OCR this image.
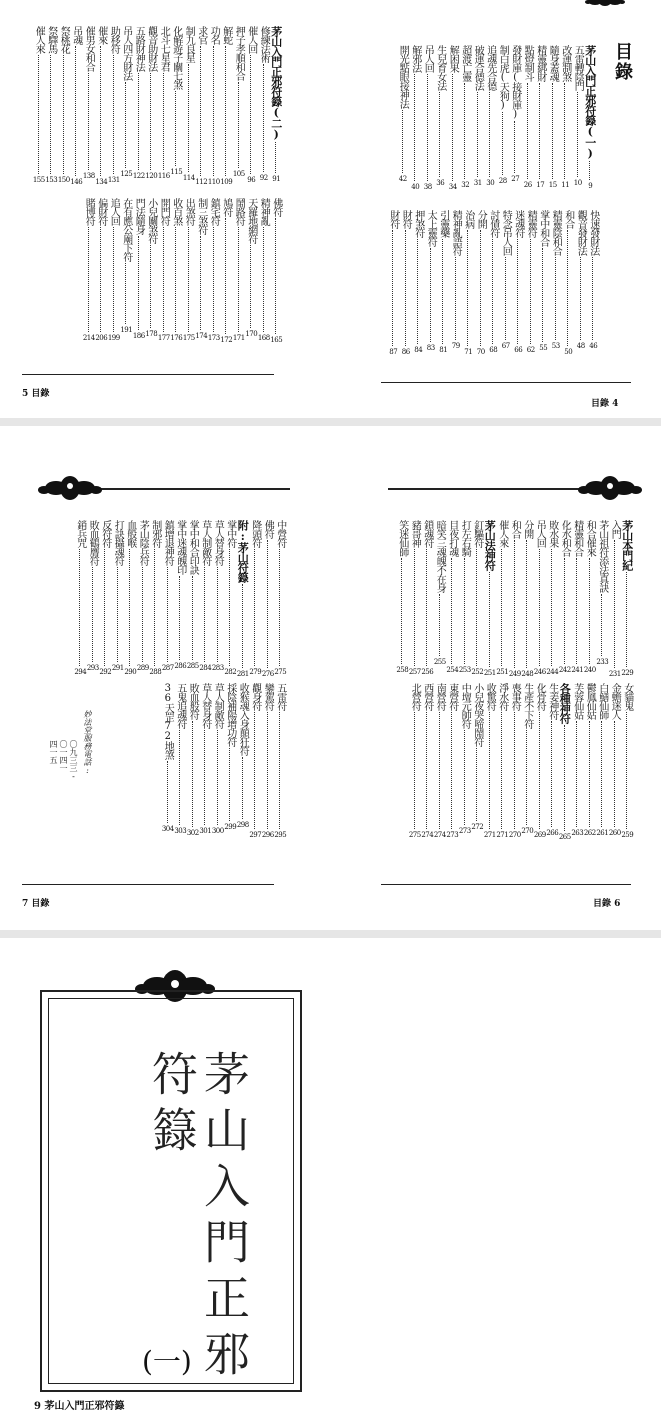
目錄
茅山入門正邪符籙(一)
9
五雷轉陰門
10
改運制煞
11
隨身蓋魂
15
精靈綁財
17
點燈制斗
26
發財庫(接財庫)
27
制白虎(天狗)
28
追魂先合德
30
破運合德法
31
超渡亡靈
32
解困果
34
生兒育女法
36
吊人回
38
解邪法
40
開光點眼接神法
42
快速發財法
46
觀音發財法
48
和合
50
精靈陰和合
53
掌中和合
55
精靈符
62
迷魂符
66
特念吊人回
67
討債符
68
分開
70
治病
71
精神亂語符
79
引靈藥
81
太上靈符
83
押煞符
84
財符
86
財符
87
目錄 4
茅山入門正邪符籙(二)
91
修練法術
92
催人回
96
押子孝順和合
105
解蛇
109
功名
110
求官
112
制九良星
114
化解遊子關七煞
115
北斗七星君
116
觀音助財法
120
五路財神法
122
吊人四方財法
125
助移符
131
催來
134
催男女和合
138
吊魂
146
祭桃花
150
祭驛馬
153
催人來
155
佛符
165
精神亂
168
天羅地網符
170
鬧路符
171
鳩符
172
鎮宅符
173
制三煞符
174
出煞符
175
收百煞
176
開門符
177
小兒關煞符
178
門法隨身
186
在有應公廟下符
191
追人回
199
偏財符
206
賭博符
214
5 目錄
茅山本門紀
229
入門
231
茅山祖符添法真訣
233
和合催來
240
精靈和合
241
化水和合
242
敗水果
244
吊人回
246
分開
248
和合
249
催人來
251
茅山法神符
251
釘驅符
252
打左右騎
253
目夜打魂
254
暗笑三魂魄不在身
255
鎖魂符
256
豬哥神
257
笑迷仙師
258
女貓鬼
259
金蟾迷人
260
白鱔仙師
261
鬱鳳仙姑
262
芙蓉仙姑
263
各種神符
265
生姜神符
266
化骨符
269
生產不下符
270
喪事符
270
淨水符
271
收驚符
271
小兒夜哭啼鬧符
272
中壇元帥符
273
東營符
273
南營符
274
西營符
274
北營符
275
目錄 6
中營符
275
佛符
276
降頭符
279
附:茅山符籙
281
掌中符
282
草人替身符
283
草人制敵符
284
掌中和合印訣
285
掌中迷魂魄印
286
鎮增退神符
287
制邪符
288
茅山陰兵符
289
血般喉
290
打訣攝魂符
291
反符符
292
敗血鶴膺符
293
銷兵咒
294
五雷符
295
鑾駕符
296
觀身符
297
收猴魂入身顛狂符
298
採陰補陽增功符
299
草人制敵符
300
草人替身符
301
敗血般符
302
五鬼追魂符
303
36天罡72地煞
304
妙法堂服務電話:
〇九三三-
〇一四一
四一五
7 目錄
茅山入門正邪符籙
(一)
9 茅山入門正邪符籙
